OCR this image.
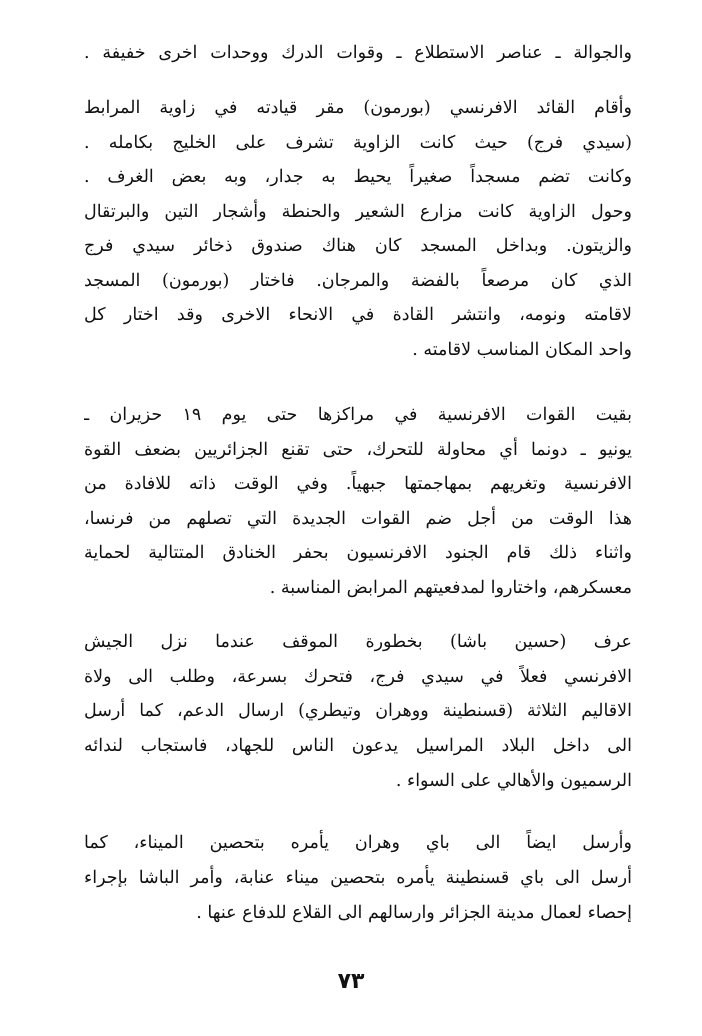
والجوالة ـ عناصر الاستطلاع ـ وقوات الدرك ووحدات اخرى خفيفة .
وأقام القائد الافرنسي (بورمون) مقر قيادته في زاوية المرابط
(سيدي فرج) حيث كانت الزاوية تشرف على الخليج بكامله .
وكانت تضم مسجداً صغيراً يحيط به جدار، وبه بعض الغرف .
وحول الزاوية كانت مزارع الشعير والحنطة وأشجار التين والبرتقال
والزيتون. وبداخل المسجد كان هناك صندوق ذخائر سيدي فرج
الذي كان مرصعاً بالفضة والمرجان. فاختار (بورمون) المسجد
لاقامته ونومه، وانتشر القادة في الانحاء الاخرى وقد اختار كل
واحد المكان المناسب لاقامته .
بقيت القوات الافرنسية في مراكزها حتى يوم ١٩ حزيران ـ
يونيو ـ دونما أي محاولة للتحرك، حتى تقنع الجزائريين بضعف القوة
الافرنسية وتغريهم بمهاجمتها جبهياً. وفي الوقت ذاته للافادة من
هذا الوقت من أجل ضم القوات الجديدة التي تصلهم من فرنسا،
واثناء ذلك قام الجنود الافرنسيون بحفر الخنادق المتتالية لحماية
معسكرهم، واختاروا لمدفعيتهم المرابض المناسبة .
عرف (حسين باشا) بخطورة الموقف عندما نزل الجيش
الافرنسي فعلاً في سيدي فرج، فتحرك بسرعة، وطلب الى ولاة
الاقاليم الثلاثة (قسنطينة ووهران وتيطري) ارسال الدعم، كما أرسل
الى داخل البلاد المراسيل يدعون الناس للجهاد، فاستجاب لندائه
الرسميون والأهالي على السواء .
وأرسل ايضاً الى باي وهران يأمره بتحصين الميناء، كما
أرسل الى باي قسنطينة يأمره بتحصين ميناء عنابة، وأمر الباشا بإجراء
إحصاء لعمال مدينة الجزائر وارسالهم الى القلاع للدفاع عنها .
٧٣
